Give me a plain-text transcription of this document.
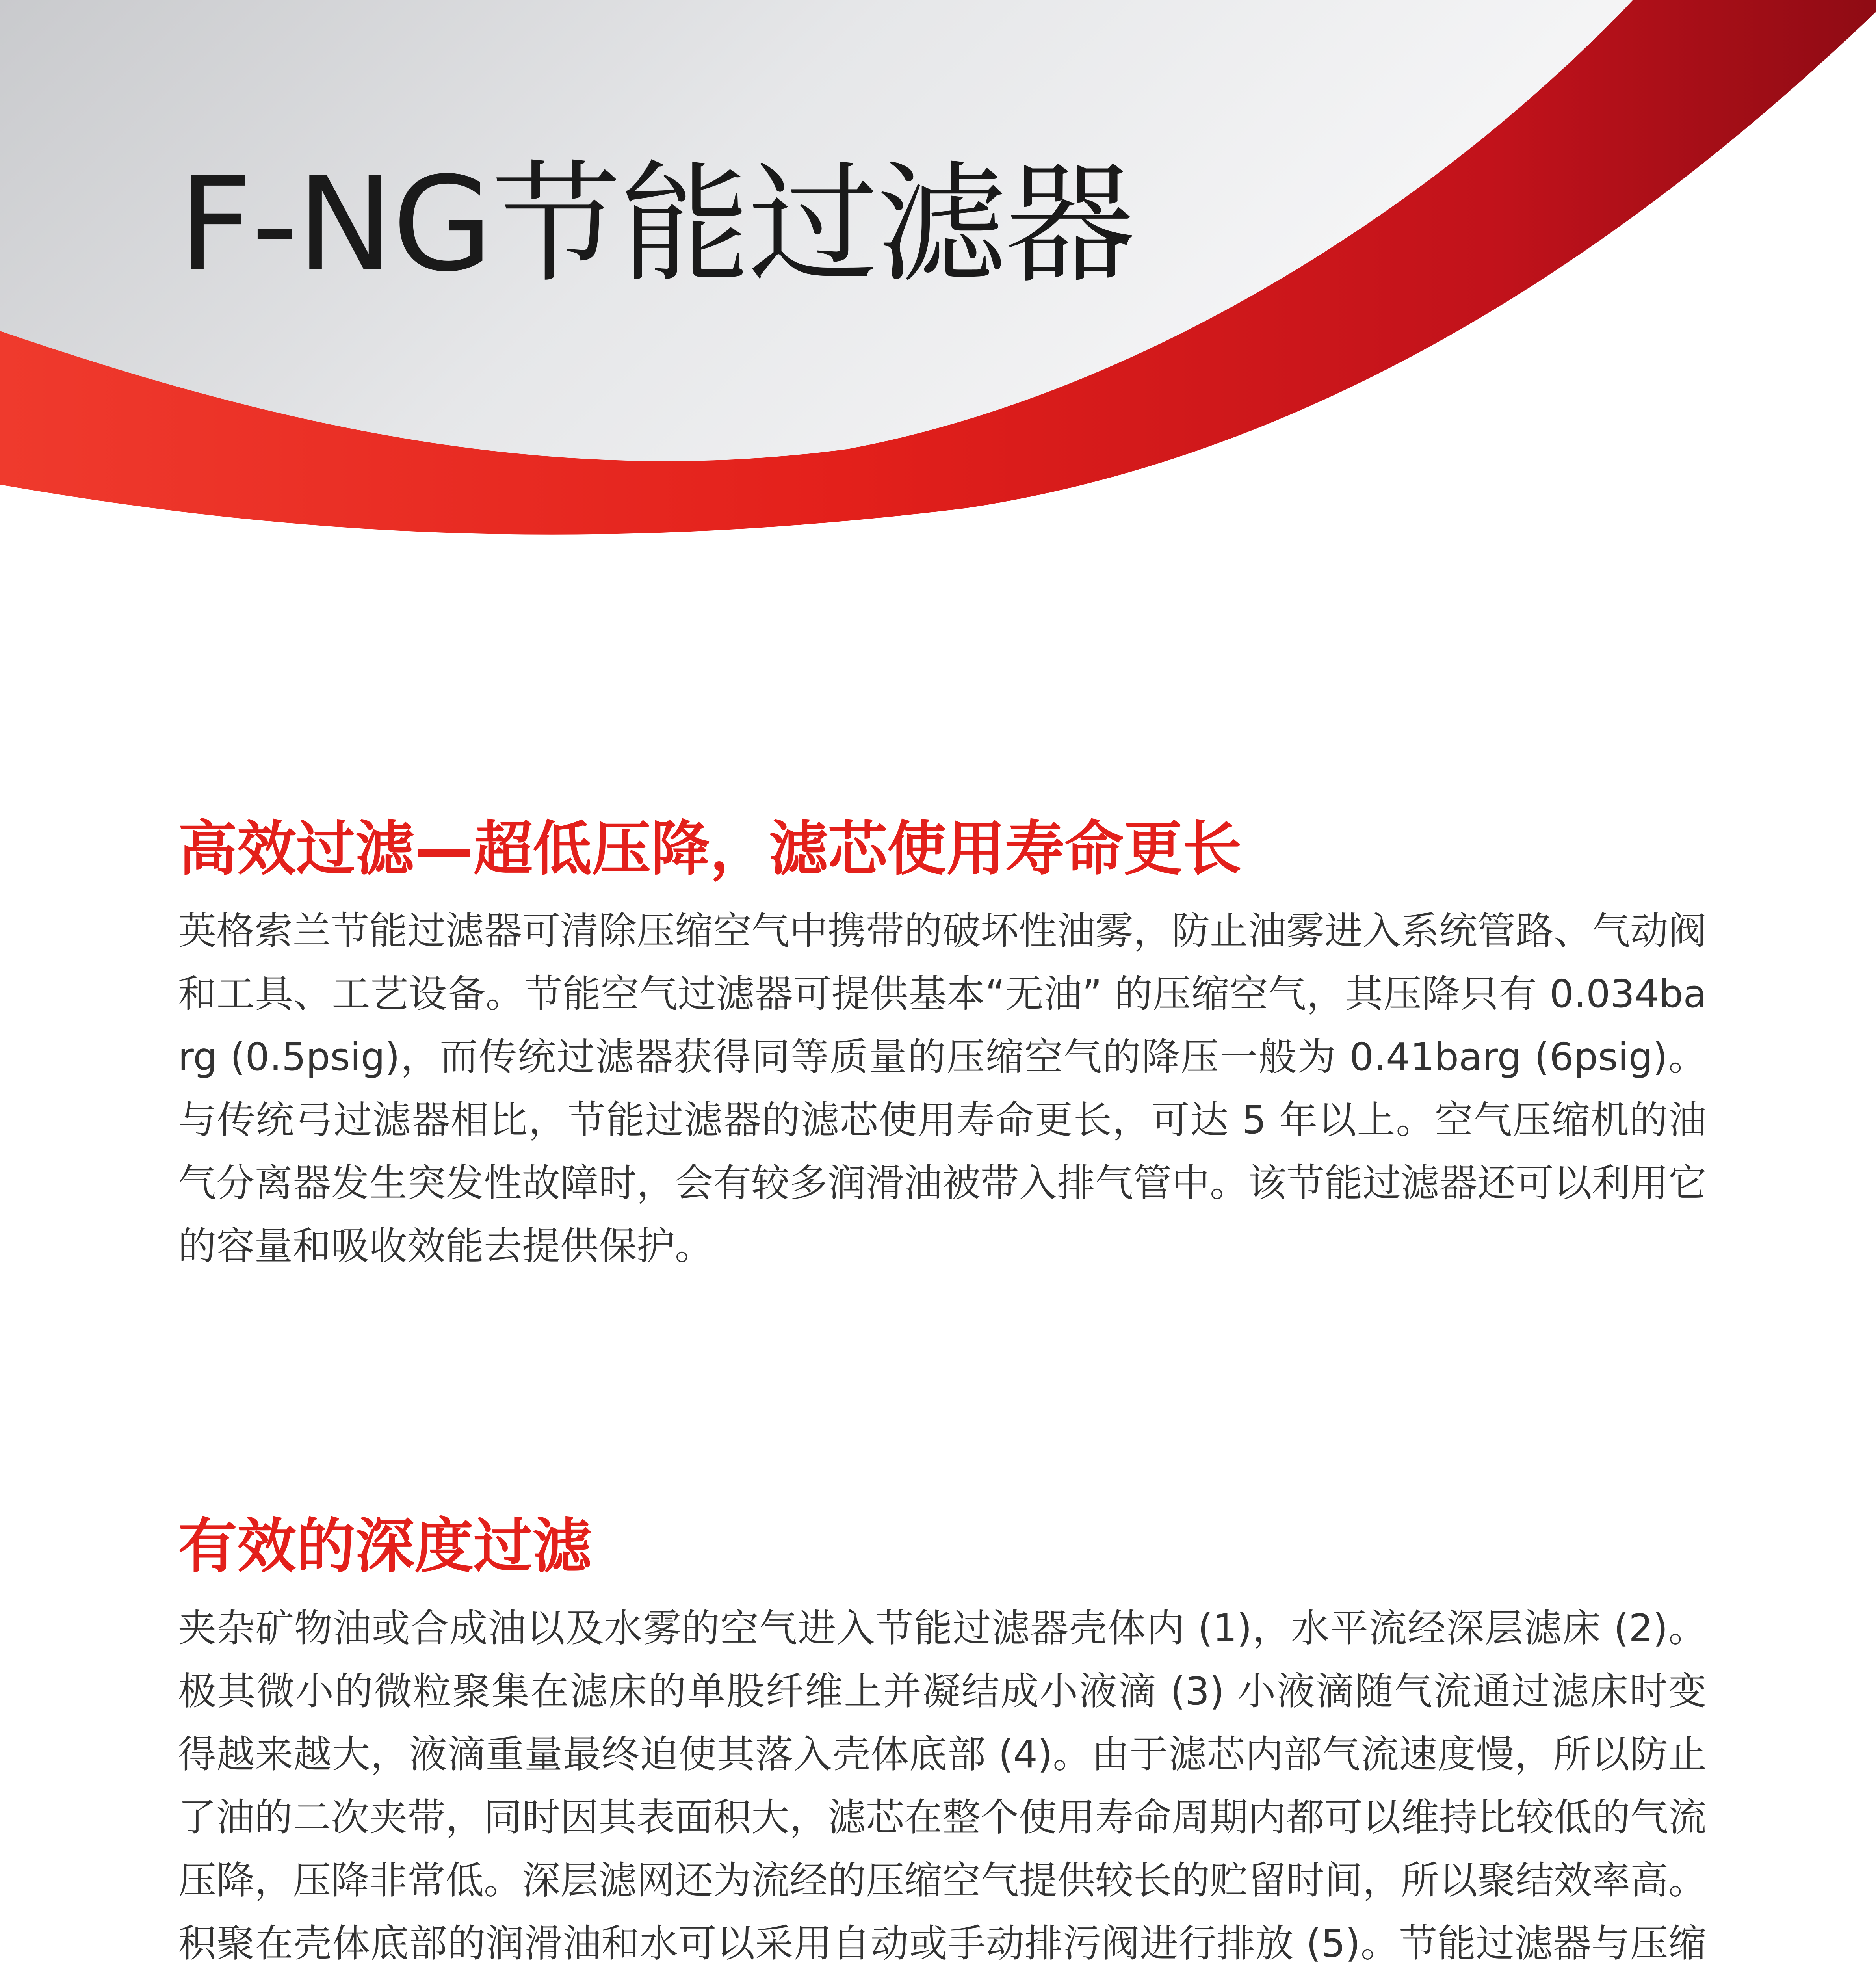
F-NG节能过滤器
高效过滤—超低压降，滤芯使用寿命更长

英格索兰节能过滤器可清除压缩空气中携带的破坏性油雾，防止油雾进入系统管路、气动阀和工具、工艺设备。节能空气过滤器可提供基本“无油” 的压缩空气，其压降只有 0.034barg (0.5psig)，而传统过滤器获得同等质量的压缩空气的降压一般为 0.41barg (6psig)。与传统弓过滤器相比，节能过滤器的滤芯使用寿命更长，可达 5 年以上。空气压缩机的油气分离器发生突发性故障时，会有较多润滑油被带入排气管中。该节能过滤器还可以利用它的容量和吸收效能去提供保护。

有效的深度过滤

夹杂矿物油或合成油以及水雾的空气进入节能过滤器壳体内 (1)，水平流经深层滤床 (2)。极其微小的微粒聚集在滤床的单股纤维上并凝结成小液滴 (3) 小液滴随气流通过滤床时变得越来越大，液滴重量最终迫使其落入壳体底部 (4)。由于滤芯内部气流速度慢，所以防止了油的二次夹带，同时因其表面积大，滤芯在整个使用寿命周期内都可以维持比较低的气流压降，压降非常低。深层滤网还为流经的压缩空气提供较长的贮留时间，所以聚结效率高。积聚在壳体底部的润滑油和水可以采用自动或手动排污阀进行排放 (5)。节能过滤器与压缩
